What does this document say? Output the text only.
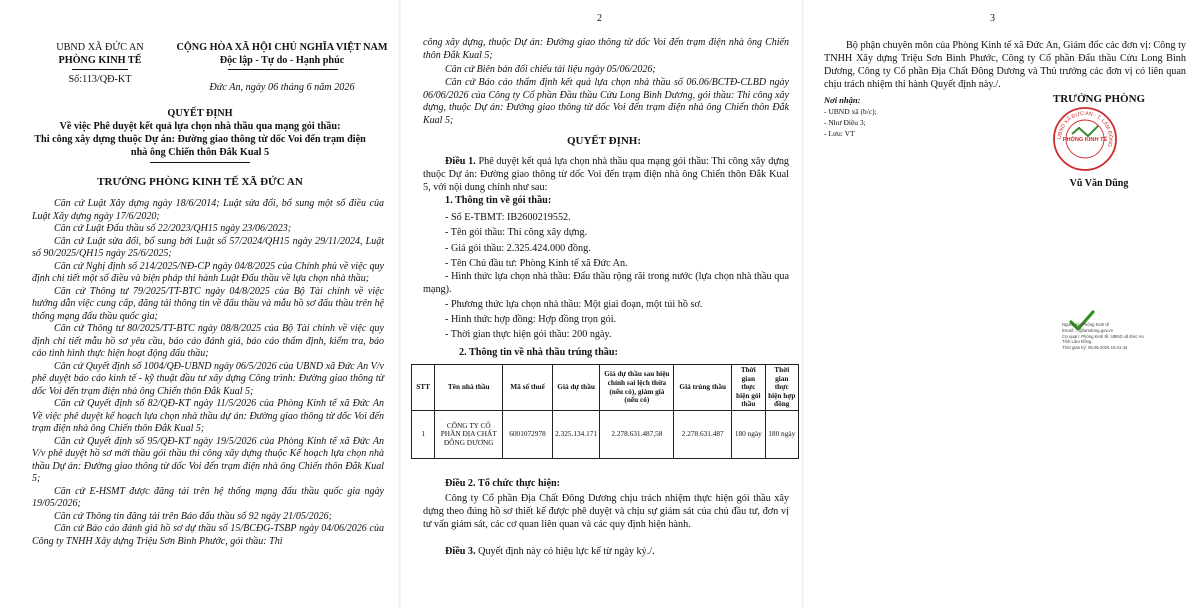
UBND XÃ ĐỨC AN
PHÒNG KINH TẾ
CỘNG HÒA XÃ HỘI CHỦ NGHĨA VIỆT NAM
Độc lập - Tự do - Hạnh phúc
Số:113/QĐ-KT
Đức An, ngày 06 tháng 6 năm 2026
QUYẾT ĐỊNH
Về việc Phê duyệt kết quả lựa chọn nhà thầu qua mạng gói thầu:
Thi công xây dựng thuộc Dự án: Đường giao thông từ dốc Voi đến trạm điện
nhà ông Chiến thôn Đắk Kual 5
TRƯỞNG PHÒNG KINH TẾ XÃ ĐỨC AN
Căn cứ Luật Xây dựng ngày 18/6/2014; Luật sửa đổi, bổ sung một số điều của Luật Xây dựng ngày 17/6/2020;
Căn cứ Luật Đấu thầu số 22/2023/QH15 ngày 23/06/2023;
Căn cứ Luật sửa đổi, bổ sung bởi Luật số 57/2024/QH15 ngày 29/11/2024, Luật số 90/2025/QH15 ngày 25/6/2025;
Căn cứ Nghị định số 214/2025/NĐ-CP ngày 04/8/2025 của Chính phủ về việc quy định chi tiết một số điều và biện pháp thi hành Luật Đấu thầu về lựa chọn nhà thầu;
Căn cứ Thông tư 79/2025/TT-BTC ngày 04/8/2025 của Bộ Tài chính về việc hướng dẫn việc cung cấp, đăng tải thông tin về đấu thầu và mẫu hồ sơ đấu thầu trên hệ thống mạng đấu thầu quốc gia;
Căn cứ Thông tư 80/2025/TT-BTC ngày 08/8/2025 của Bộ Tài chính về việc quy định chi tiết mẫu hồ sơ yêu cầu, báo cáo đánh giá, báo cáo thẩm định, kiểm tra, báo cáo tình hình thực hiện hoạt động đấu thầu;
Căn cứ Quyết định số 1004/QĐ-UBND ngày 06/5/2026 của UBND xã Đức An V/v phê duyệt báo cáo kinh tế - kỹ thuật đầu tư xây dựng Công trình: Đường giao thông từ dốc Voi đến trạm điện nhà ông Chiến thôn Đắk Kual 5;
Căn cứ Quyết định số 82/QĐ-KT ngày 11/5/2026 của Phòng Kinh tế xã Đức An Về việc phê duyệt kế hoạch lựa chọn nhà thầu dự án: Đường giao thông từ dốc Voi đến trạm điện nhà ông Chiến thôn Đắk Kual 5;
Căn cứ Quyết định số 95/QĐ-KT ngày 19/5/2026 của Phòng Kinh tế xã Đức An V/v phê duyệt hồ sơ mời thầu gói thầu thi công xây dựng thuộc Kế hoạch lựa chọn nhà thầu Dự án: Đường giao thông từ dốc Voi đến trạm điện nhà ông Chiến thôn Đắk Kual 5;
Căn cứ E-HSMT được đăng tải trên hệ thống mạng đấu thầu quốc gia ngày 19/05/2026;
Căn cứ Thông tin đăng tải trên Báo đấu thầu số 92 ngày 21/05/2026;
Căn cứ Báo cáo đánh giá hồ sơ dự thầu số 15/BCĐG-TSBP ngày 04/06/2026 của Công ty TNHH Xây dựng Triệu Sơn Bình Phước, gói thầu: Thi
2
công xây dựng, thuộc Dự án: Đường giao thông từ dốc Voi đến trạm điện nhà ông Chiến thôn Đắk Kual 5;
Căn cứ Biên bản đối chiếu tài liệu ngày 05/06/2026;
Căn cứ Báo cáo thẩm định kết quả lựa chọn nhà thầu số 06.06/BCTĐ-CLBD ngày 06/06/2026 của Công ty Cổ phần Đầu thầu Cửu Long Bình Dương, gói thầu: Thi công xây dựng, thuộc Dự án: Đường giao thông từ dốc Voi đến trạm điện nhà ông Chiến thôn Đắk Kual 5;
QUYẾT ĐỊNH:
Điều 1. Phê duyệt kết quả lựa chọn nhà thầu qua mạng gói thầu: Thi công xây dựng thuộc Dự án: Đường giao thông từ dốc Voi đến trạm điện nhà ông Chiến thôn Đắk Kual 5, với nội dung chính như sau:
1. Thông tin về gói thầu:
- Số E-TBMT: IB2600219552.
- Tên gói thầu: Thi công xây dựng.
- Giá gói thầu: 2.325.424.000 đồng.
- Tên Chủ đầu tư: Phòng Kinh tế xã Đức An.
- Hình thức lựa chọn nhà thầu: Đấu thầu rộng rãi trong nước (lựa chọn nhà thầu qua mạng).
- Phương thức lựa chọn nhà thầu: Một giai đoạn, một túi hồ sơ.
- Hình thức hợp đồng: Hợp đồng trọn gói.
- Thời gian thực hiện gói thầu: 200 ngày.
2. Thông tin về nhà thầu trúng thầu:
STT	Tên nhà thầu	Mã số thuế	Giá dự thầu	Giá dự thầu sau hiệu chỉnh sai lệch thừa (nếu có), giảm giá (nếu có)	Giá trúng thầu	Thời gian thực hiện gói thầu	Thời gian thực hiện hợp đồng
1	CÔNG TY CỔ PHẦN ĐỊA CHẤT ĐÔNG DƯƠNG	6001072978	2.325.134.171	2.278.631.487,58	2.278.631.487	180 ngày	180 ngày
Điều 2. Tổ chức thực hiện:
Công ty Cổ phần Địa Chất Đông Dương chịu trách nhiệm thực hiện gói thầu xây dựng theo đúng hồ sơ thiết kế được phê duyệt và chịu sự giám sát của chủ đầu tư, đơn vị tư vấn giám sát, các cơ quan liên quan và các quy định hiện hành.
Điều 3. Quyết định này có hiệu lực kể từ ngày ký./.
3
Bộ phận chuyên môn của Phòng Kinh tế xã Đức An, Giám đốc các đơn vị: Công ty TNHH Xây dựng Triệu Sơn Bình Phước, Công ty Cổ phần Đấu thầu Cửu Long Bình Dương, Công ty Cổ phần Địa Chất Đông Dương và Thủ trưởng các đơn vị có liên quan chịu trách nhiệm thi hành Quyết định này./.
Nơi nhận:
- UBND xã (b/c);
- Như Điều 3;
- Lưu: VT
TRƯỞNG PHÒNG
UBND XÃ ĐỨC AN - T. LÂM ĐỒNG
PHÒNG KINH TẾ
Vũ Văn Dũng
Người ký: Phòng Kinh tế
Email: ...@lamdong.gov.vn
Cơ quan: Phòng Kinh tế, UBND xã Đức An
Tỉnh Lâm Đồng
Thời gian ký: 06.06.2026 16:41:44
